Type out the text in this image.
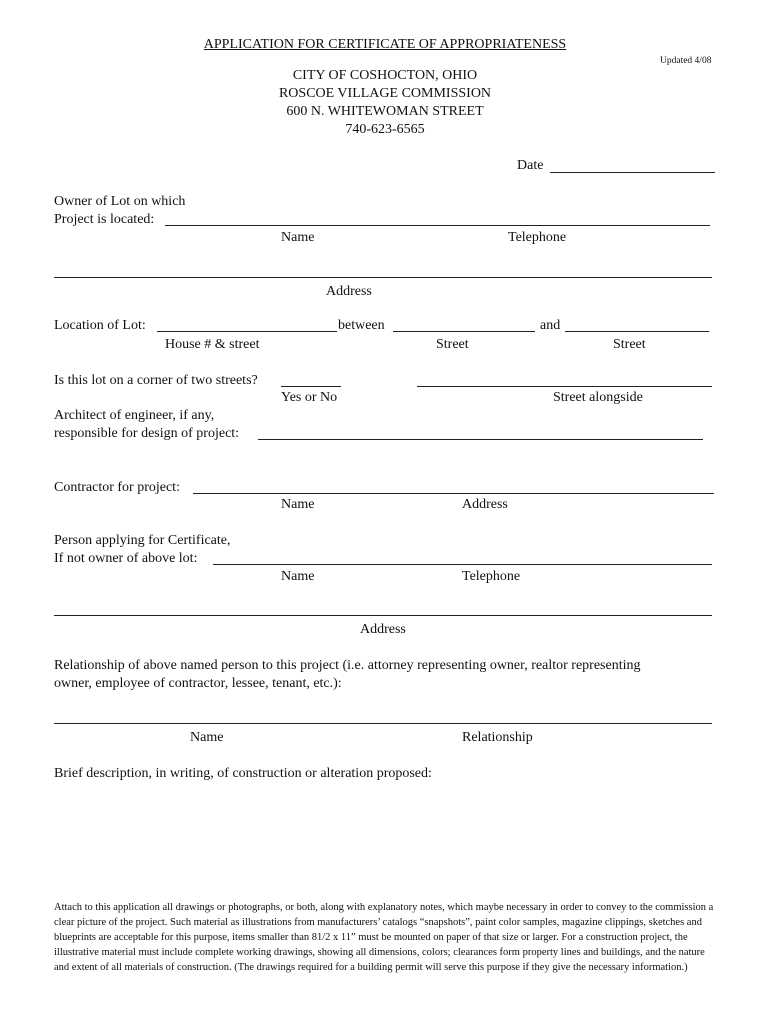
APPLICATION FOR CERTIFICATE OF APPROPRIATENESS
Updated 4/08
CITY OF COSHOCTON, OHIO
ROSCOE VILLAGE COMMISSION
600 N. WHITEWOMAN STREET
740-623-6565
Date
Owner of Lot on which
Project is located:
Name	Telephone
Address
Location of Lot:	between	and
House # & street	Street	Street
Is this lot on a corner of two streets?
Yes or No	Street alongside
Architect of engineer, if any,
responsible for design of project:
Contractor for project:
Name	Address
Person applying for Certificate,
If not owner of above lot:
Name	Telephone
Address
Relationship of above named person to this project (i.e. attorney representing owner, realtor representing
owner, employee of contractor, lessee, tenant, etc.):
Name	Relationship
Brief description, in writing, of construction or alteration proposed:
Attach to this application all drawings or photographs, or both, along with explanatory notes, which maybe necessary in order to convey to the commission a clear picture of the project. Such material as illustrations from manufacturers’ catalogs “snapshots”, paint color samples, magazine clippings, sketches and blueprints are acceptable for this purpose, items smaller than 81/2 x 11” must be mounted on paper of that size or larger. For a construction project, the illustrative material must include complete working drawings, showing all dimensions, colors; clearances form property lines and buildings, and the nature and extent of all materials of construction. (The drawings required for a building permit will serve this purpose if they give the necessary information.)
